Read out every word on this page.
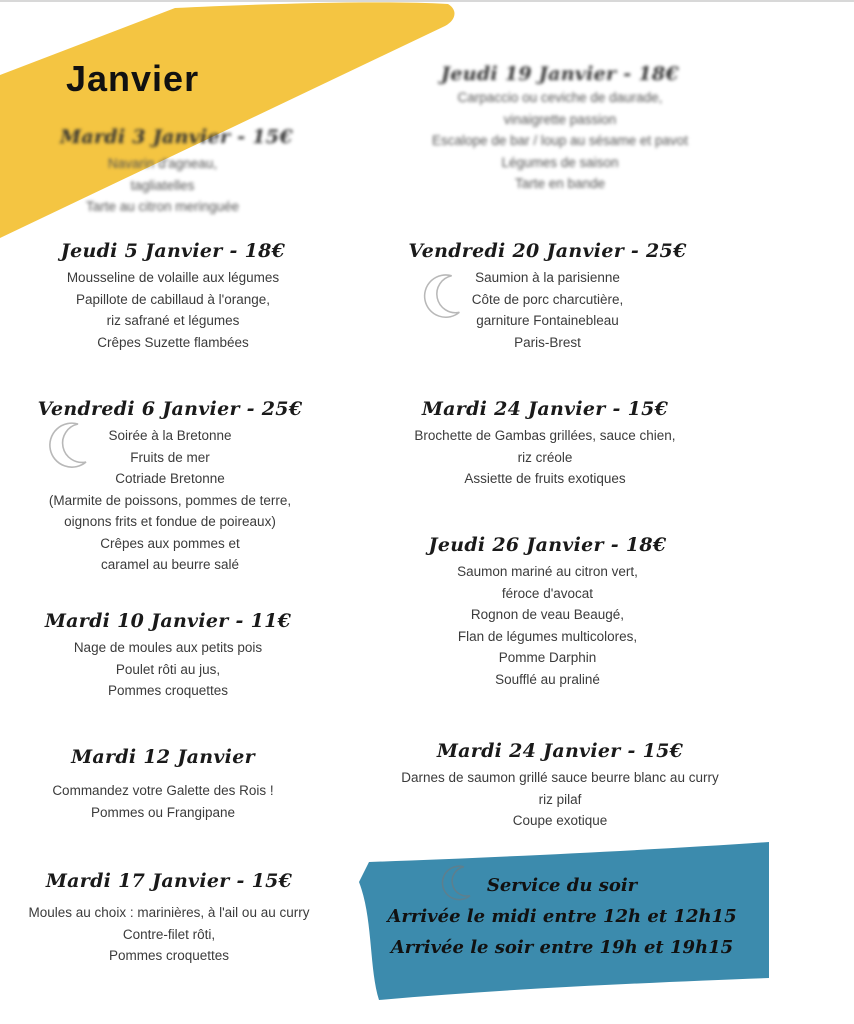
Janvier
Mardi 3 Janvier - 15€
Navarin d'agneau,
tagliatelles
Tarte au citron meringuée
Jeudi 5 Janvier - 18€
Mousseline de volaille aux légumes
Papillote de cabillaud à l'orange,
riz safrané et légumes
Crêpes Suzette flambées
Vendredi 6 Janvier - 25€
Soirée à la Bretonne
Fruits de mer
Cotriade Bretonne
(Marmite de poissons, pommes de terre,
oignons frits et fondue de poireaux)
Crêpes aux pommes et
caramel au beurre salé
Mardi 10 Janvier - 11€
Nage de moules aux petits pois
Poulet rôti au jus,
Pommes croquettes
Mardi 12 Janvier
Commandez votre Galette des Rois !
Pommes ou Frangipane
Mardi 17 Janvier - 15€
Moules au choix : marinières, à l'ail ou au curry
Contre-filet rôti,
Pommes croquettes
Jeudi 19 Janvier - 18€
Carpaccio ou ceviche de daurade,
vinaigrette passion
Escalope de bar / loup au sésame et pavot
Légumes de saison
Tarte en bande
Vendredi 20 Janvier - 25€
Saumion à la parisienne
Côte de porc charcutière,
garniture Fontainebleau
Paris-Brest
Mardi 24 Janvier - 15€
Brochette de Gambas grillées, sauce chien,
riz créole
Assiette de fruits exotiques
Jeudi 26 Janvier - 18€
Saumon mariné au citron vert,
féroce d'avocat
Rognon de veau Beaugé,
Flan de légumes multicolores,
Pomme Darphin
Soufflé au praliné
Mardi 24 Janvier - 15€
Darnes de saumon grillé sauce beurre blanc au curry
riz pilaf
Coupe exotique

Service du soir

Arrivée le midi entre 12h et 12h15

Arrivée le soir entre 19h et 19h15
